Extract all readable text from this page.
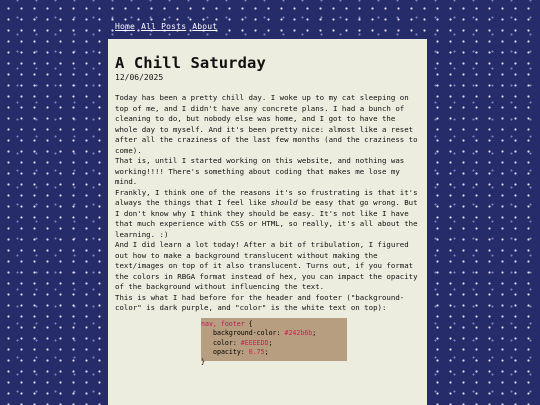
Home All Posts About
A Chill Saturday
12/06/2025

Today has been a pretty chill day. I woke up to my cat sleeping on top of me, and I didn't have any concrete plans. I had a bunch of cleaning to do, but nobody else was home, and I got to have the whole day to myself. And it's been pretty nice: almost like a reset after all the craziness of the last few months (and the craziness to come).

That is, until I started working on this website, and nothing was working!!!! There's something about coding that makes me lose my mind.

Frankly, I think one of the reasons it's so frustrating is that it's always the things that I feel like should be easy that go wrong. But I don't know why I think they should be easy. It's not like I have that much experience with CSS or HTML, so really, it's all about the learning. :)

And I did learn a lot today! After a bit of tribulation, I figured out how to make a background translucent without making the text/images on top of it also translucent. Turns out, if you format the colors in RBGA format instead of hex, you can impact the opacity of the background without influencing the text.

This is what I had before for the header and footer ("background-color" is dark purple, and "color" is the white text on top):

nav, footer {
background-color: #242b6b;
color: #EEEEDD;
opacity: 0.75;
}
